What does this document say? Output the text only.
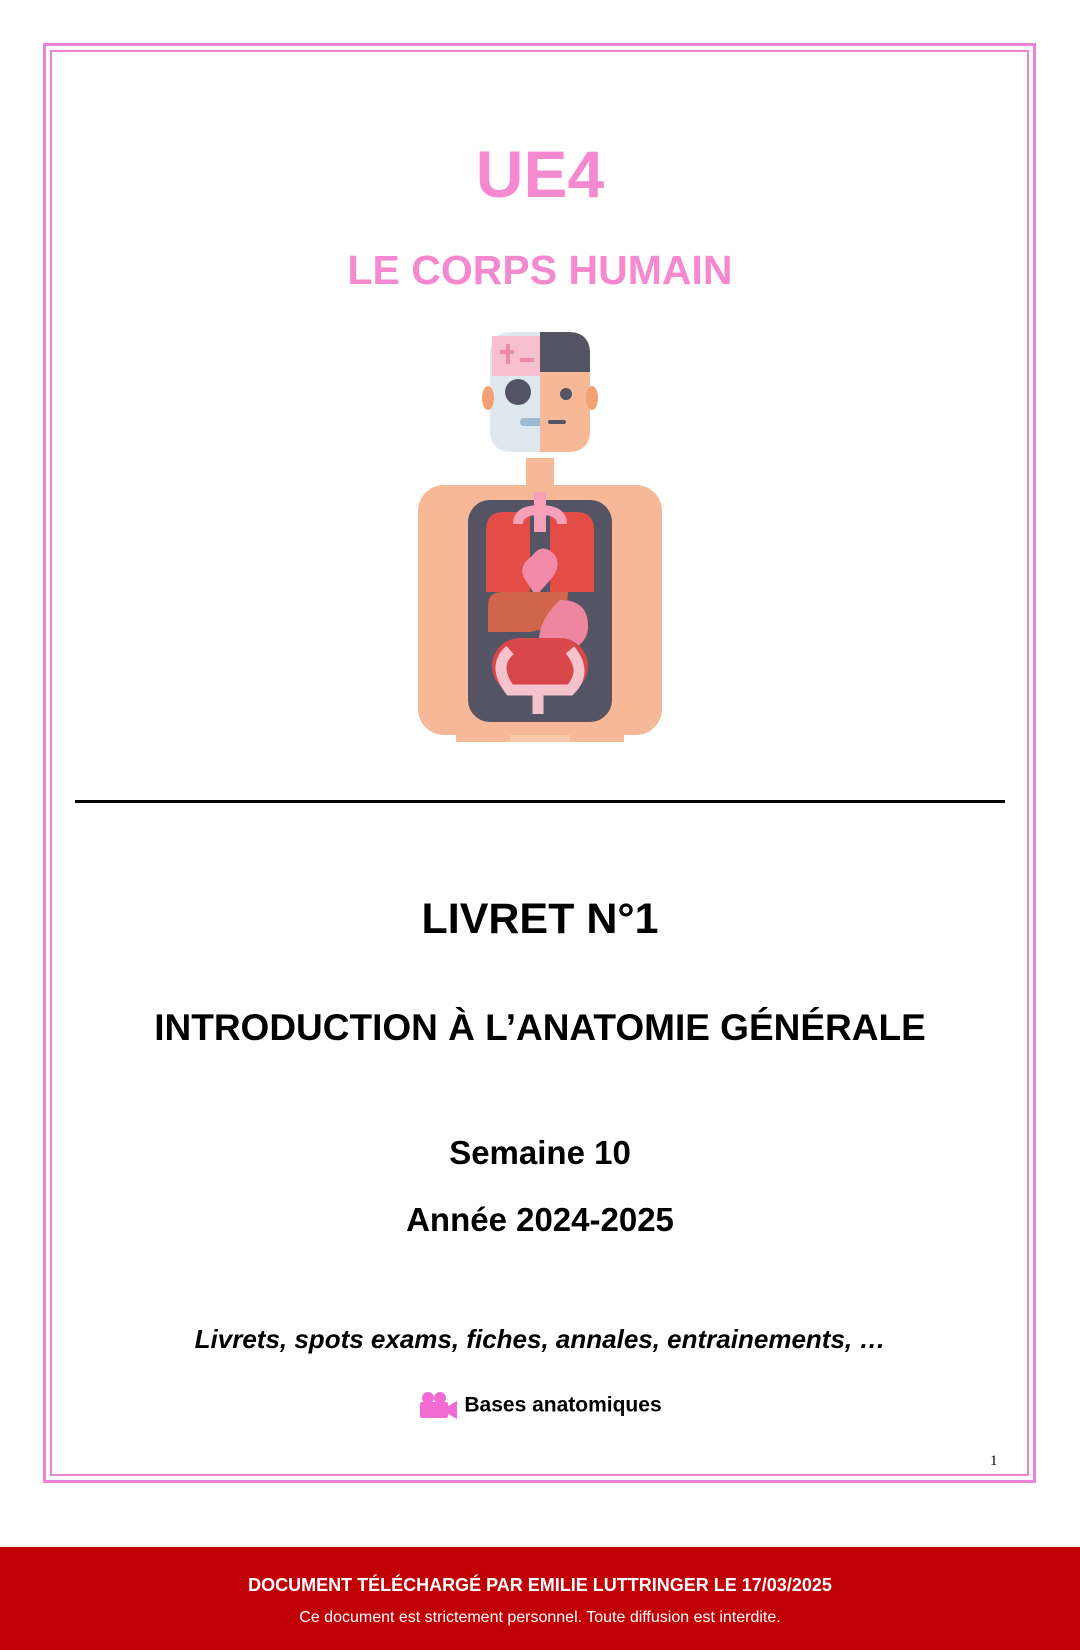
UE4
LE CORPS HUMAIN
LIVRET N°1
INTRODUCTION À L’ANATOMIE GÉNÉRALE
Semaine 10
Année 2024-2025
Livrets, spots exams, fiches, annales, entrainements, …
Bases anatomiques
1
DOCUMENT TÉLÉCHARGÉ PAR EMILIE LUTTRINGER LE 17/03/2025
Ce document est strictement personnel. Toute diffusion est interdite.
